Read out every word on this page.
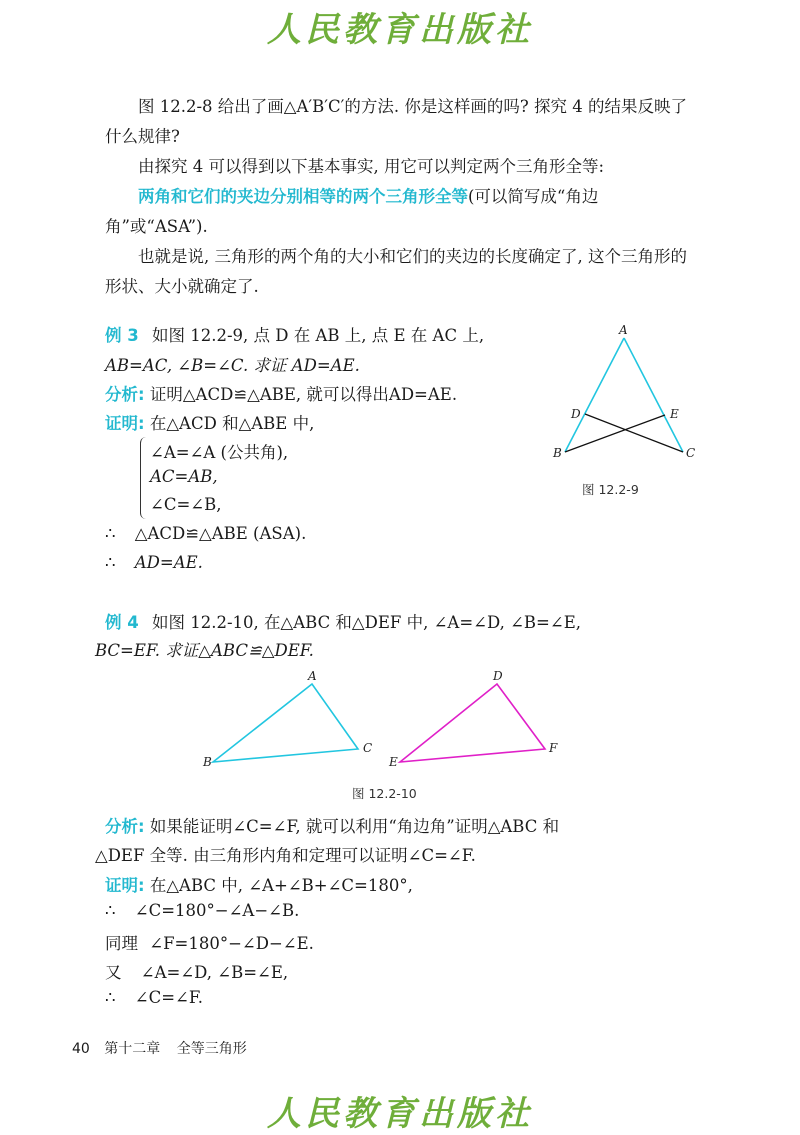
人民教育出版社
图 12.2-8 给出了画△A′B′C′的方法. 你是这样画的吗? 探究 4 的结果反映了什么规律?
由探究 4 可以得到以下基本事实, 用它可以判定两个三角形全等:
两角和它们的夹边分别相等的两个三角形全等(可以简写成“角边角”或“ASA”).
也就是说, 三角形的两个角的大小和它们的夹边的长度确定了, 这个三角形的形状、大小就确定了.
例 3 如图 12.2-9, 点 D 在 AB 上, 点 E 在 AC 上,
AB=AC, ∠B=∠C. 求证 AD=AE.
分析: 证明△ACD≌△ABE, 就可以得出AD=AE.
证明: 在△ACD 和△ABE 中,
∠A=∠A (公共角),
AC=AB,
∠C=∠B,
∴ △ACD≌△ABE (ASA).
∴ AD=AE.
A
B	C
D	E
图 12.2-9
例 4 如图 12.2-10, 在△ABC 和△DEF 中, ∠A=∠D, ∠B=∠E,
BC=EF. 求证△ABC≌△DEF.
A
B
C
D
E
F
图 12.2-10
分析: 如果能证明∠C=∠F, 就可以利用“角边角”证明△ABC 和
△DEF 全等. 由三角形内角和定理可以证明∠C=∠F.
证明: 在△ABC 中, ∠A+∠B+∠C=180°,
∴ ∠C=180°−∠A−∠B.
同理 ∠F=180°−∠D−∠E.
又 ∠A=∠D, ∠B=∠E,
∴ ∠C=∠F.
40 第十二章 全等三角形
人民教育出版社
